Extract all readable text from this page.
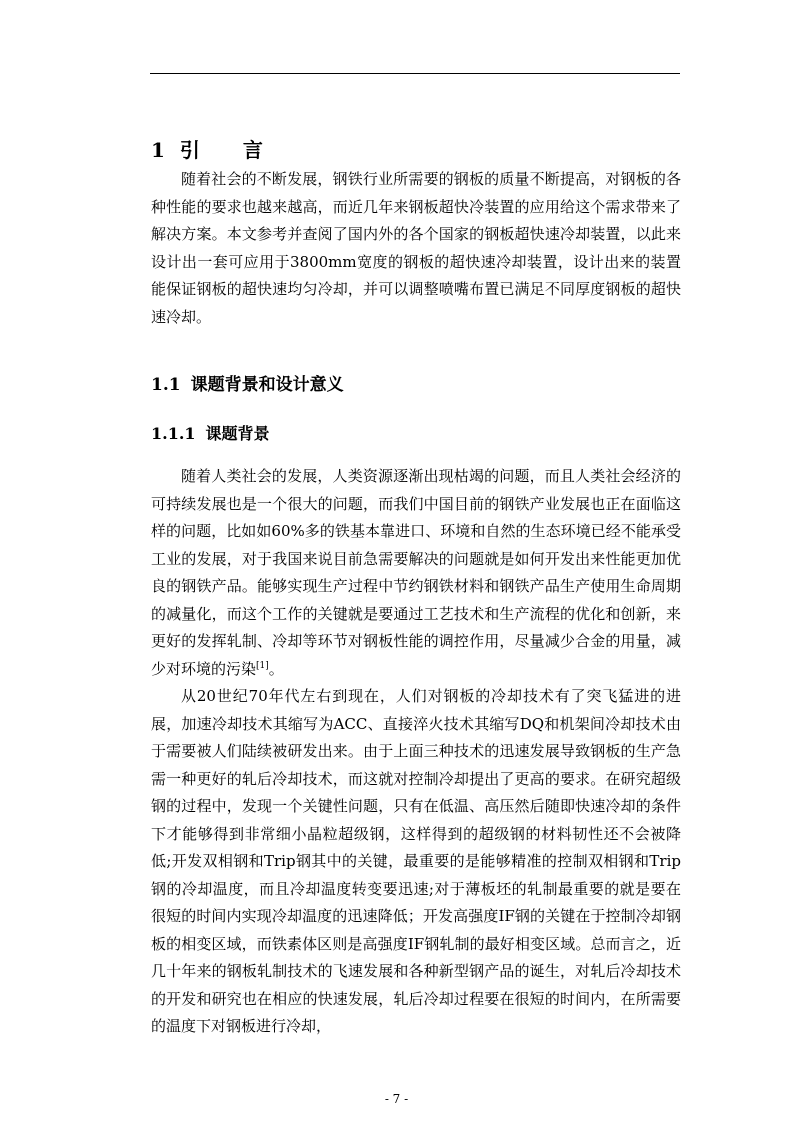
1 引 言

随着社会的不断发展，钢铁行业所需要的钢板的质量不断提高，对钢板的各种性能的要求也越来越高，而近几年来钢板超快冷装置的应用给这个需求带来了解决方案。本文参考并查阅了国内外的各个国家的钢板超快速冷却装置，以此来设计出一套可应用于3800mm宽度的钢板的超快速冷却装置，设计出来的装置能保证钢板的超快速均匀冷却，并可以调整喷嘴布置已满足不同厚度钢板的超快速冷却。

1.1 课题背景和设计意义
1.1.1 课题背景

随着人类社会的发展，人类资源逐渐出现枯竭的问题，而且人类社会经济的可持续发展也是一个很大的问题，而我们中国目前的钢铁产业发展也正在面临这样的问题，比如如60%多的铁基本靠进口、环境和自然的生态环境已经不能承受工业的发展，对于我国来说目前急需要解决的问题就是如何开发出来性能更加优良的钢铁产品。能够实现生产过程中节约钢铁材料和钢铁产品生产使用生命周期的减量化，而这个工作的关键就是要通过工艺技术和生产流程的优化和创新，来更好的发挥轧制、冷却等环节对钢板性能的调控作用，尽量减少合金的用量，减少对环境的污染[1]。

从20世纪70年代左右到现在，人们对钢板的冷却技术有了突飞猛进的进展，加速冷却技术其缩写为ACC、直接淬火技术其缩写DQ和机架间冷却技术由于需要被人们陆续被研发出来。由于上面三种技术的迅速发展导致钢板的生产急需一种更好的轧后冷却技术，而这就对控制冷却提出了更高的要求。在研究超级钢的过程中，发现一个关键性问题，只有在低温、高压然后随即快速冷却的条件下才能够得到非常细小晶粒超级钢，这样得到的超级钢的材料韧性还不会被降低;开发双相钢和Trip钢其中的关键，最重要的是能够精准的控制双相钢和Trip钢的冷却温度，而且冷却温度转变要迅速;对于薄板坯的轧制最重要的就是要在很短的时间内实现冷却温度的迅速降低；开发高强度IF钢的关键在于控制冷却钢板的相变区域，而铁素体区则是高强度IF钢轧制的最好相变区域。总而言之，近几十年来的钢板轧制技术的飞速发展和各种新型钢产品的诞生，对轧后冷却技术的开发和研究也在相应的快速发展，轧后冷却过程要在很短的时间内，在所需要的温度下对钢板进行冷却，

- 7 -
